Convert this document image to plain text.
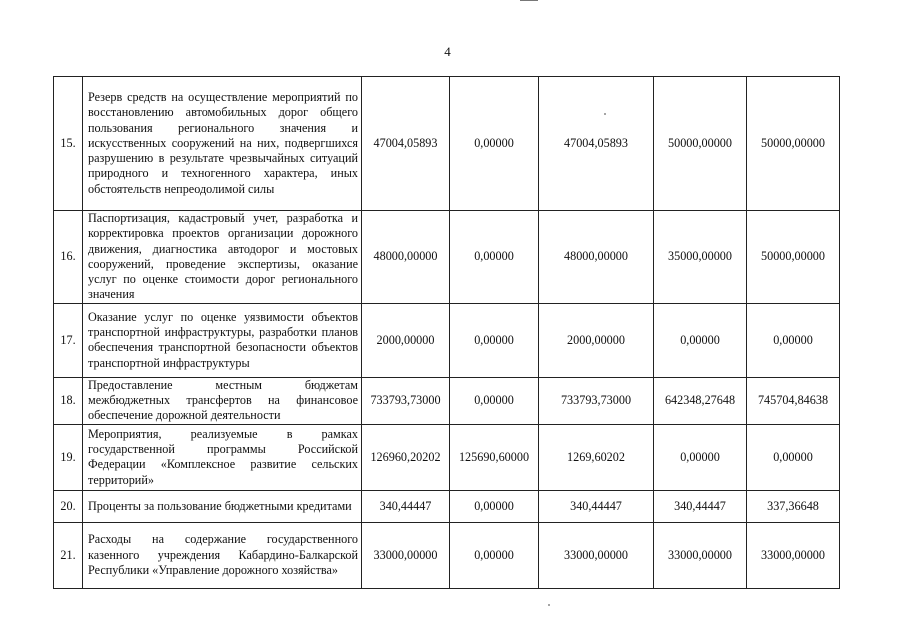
4
15.	Резерв средств на осуществление мероприятий по восстановлению автомобильных дорог общего пользования регионального значения и искусственных сооружений на них, подвергшихся разрушению в результате чрезвычайных ситуаций природного и техногенного характера, иных обстоятельств непреодолимой силы	47004,05893	0,00000	47004,05893	50000,00000	50000,00000
16.	Паспортизация, кадастровый учет, разработка и корректировка проектов организации дорожного движения, диагностика автодорог и мостовых сооружений, проведение экспертизы, оказание услуг по оценке стоимости дорог регионального значения	48000,00000	0,00000	48000,00000	35000,00000	50000,00000
17.	Оказание услуг по оценке уязвимости объектов транспортной инфраструктуры, разработки планов обеспечения транспортной безопасности объектов транспортной инфраструктуры	2000,00000	0,00000	2000,00000	0,00000	0,00000
18.	Предоставление местным бюджетам межбюджетных трансфертов на финансовое обеспечение дорожной деятельности	733793,73000	0,00000	733793,73000	642348,27648	745704,84638
19.	Мероприятия, реализуемые в рамках государственной программы Российской Федерации «Комплексное развитие сельских территорий»	126960,20202	125690,60000	1269,60202	0,00000	0,00000
20.	Проценты за пользование бюджетными кредитами	340,44447	0,00000	340,44447	340,44447	337,36648
21.	Расходы на содержание государственного казенного учреждения Кабардино-Балкарской Республики «Управление дорожного хозяйства»	33000,00000	0,00000	33000,00000	33000,00000	33000,00000
